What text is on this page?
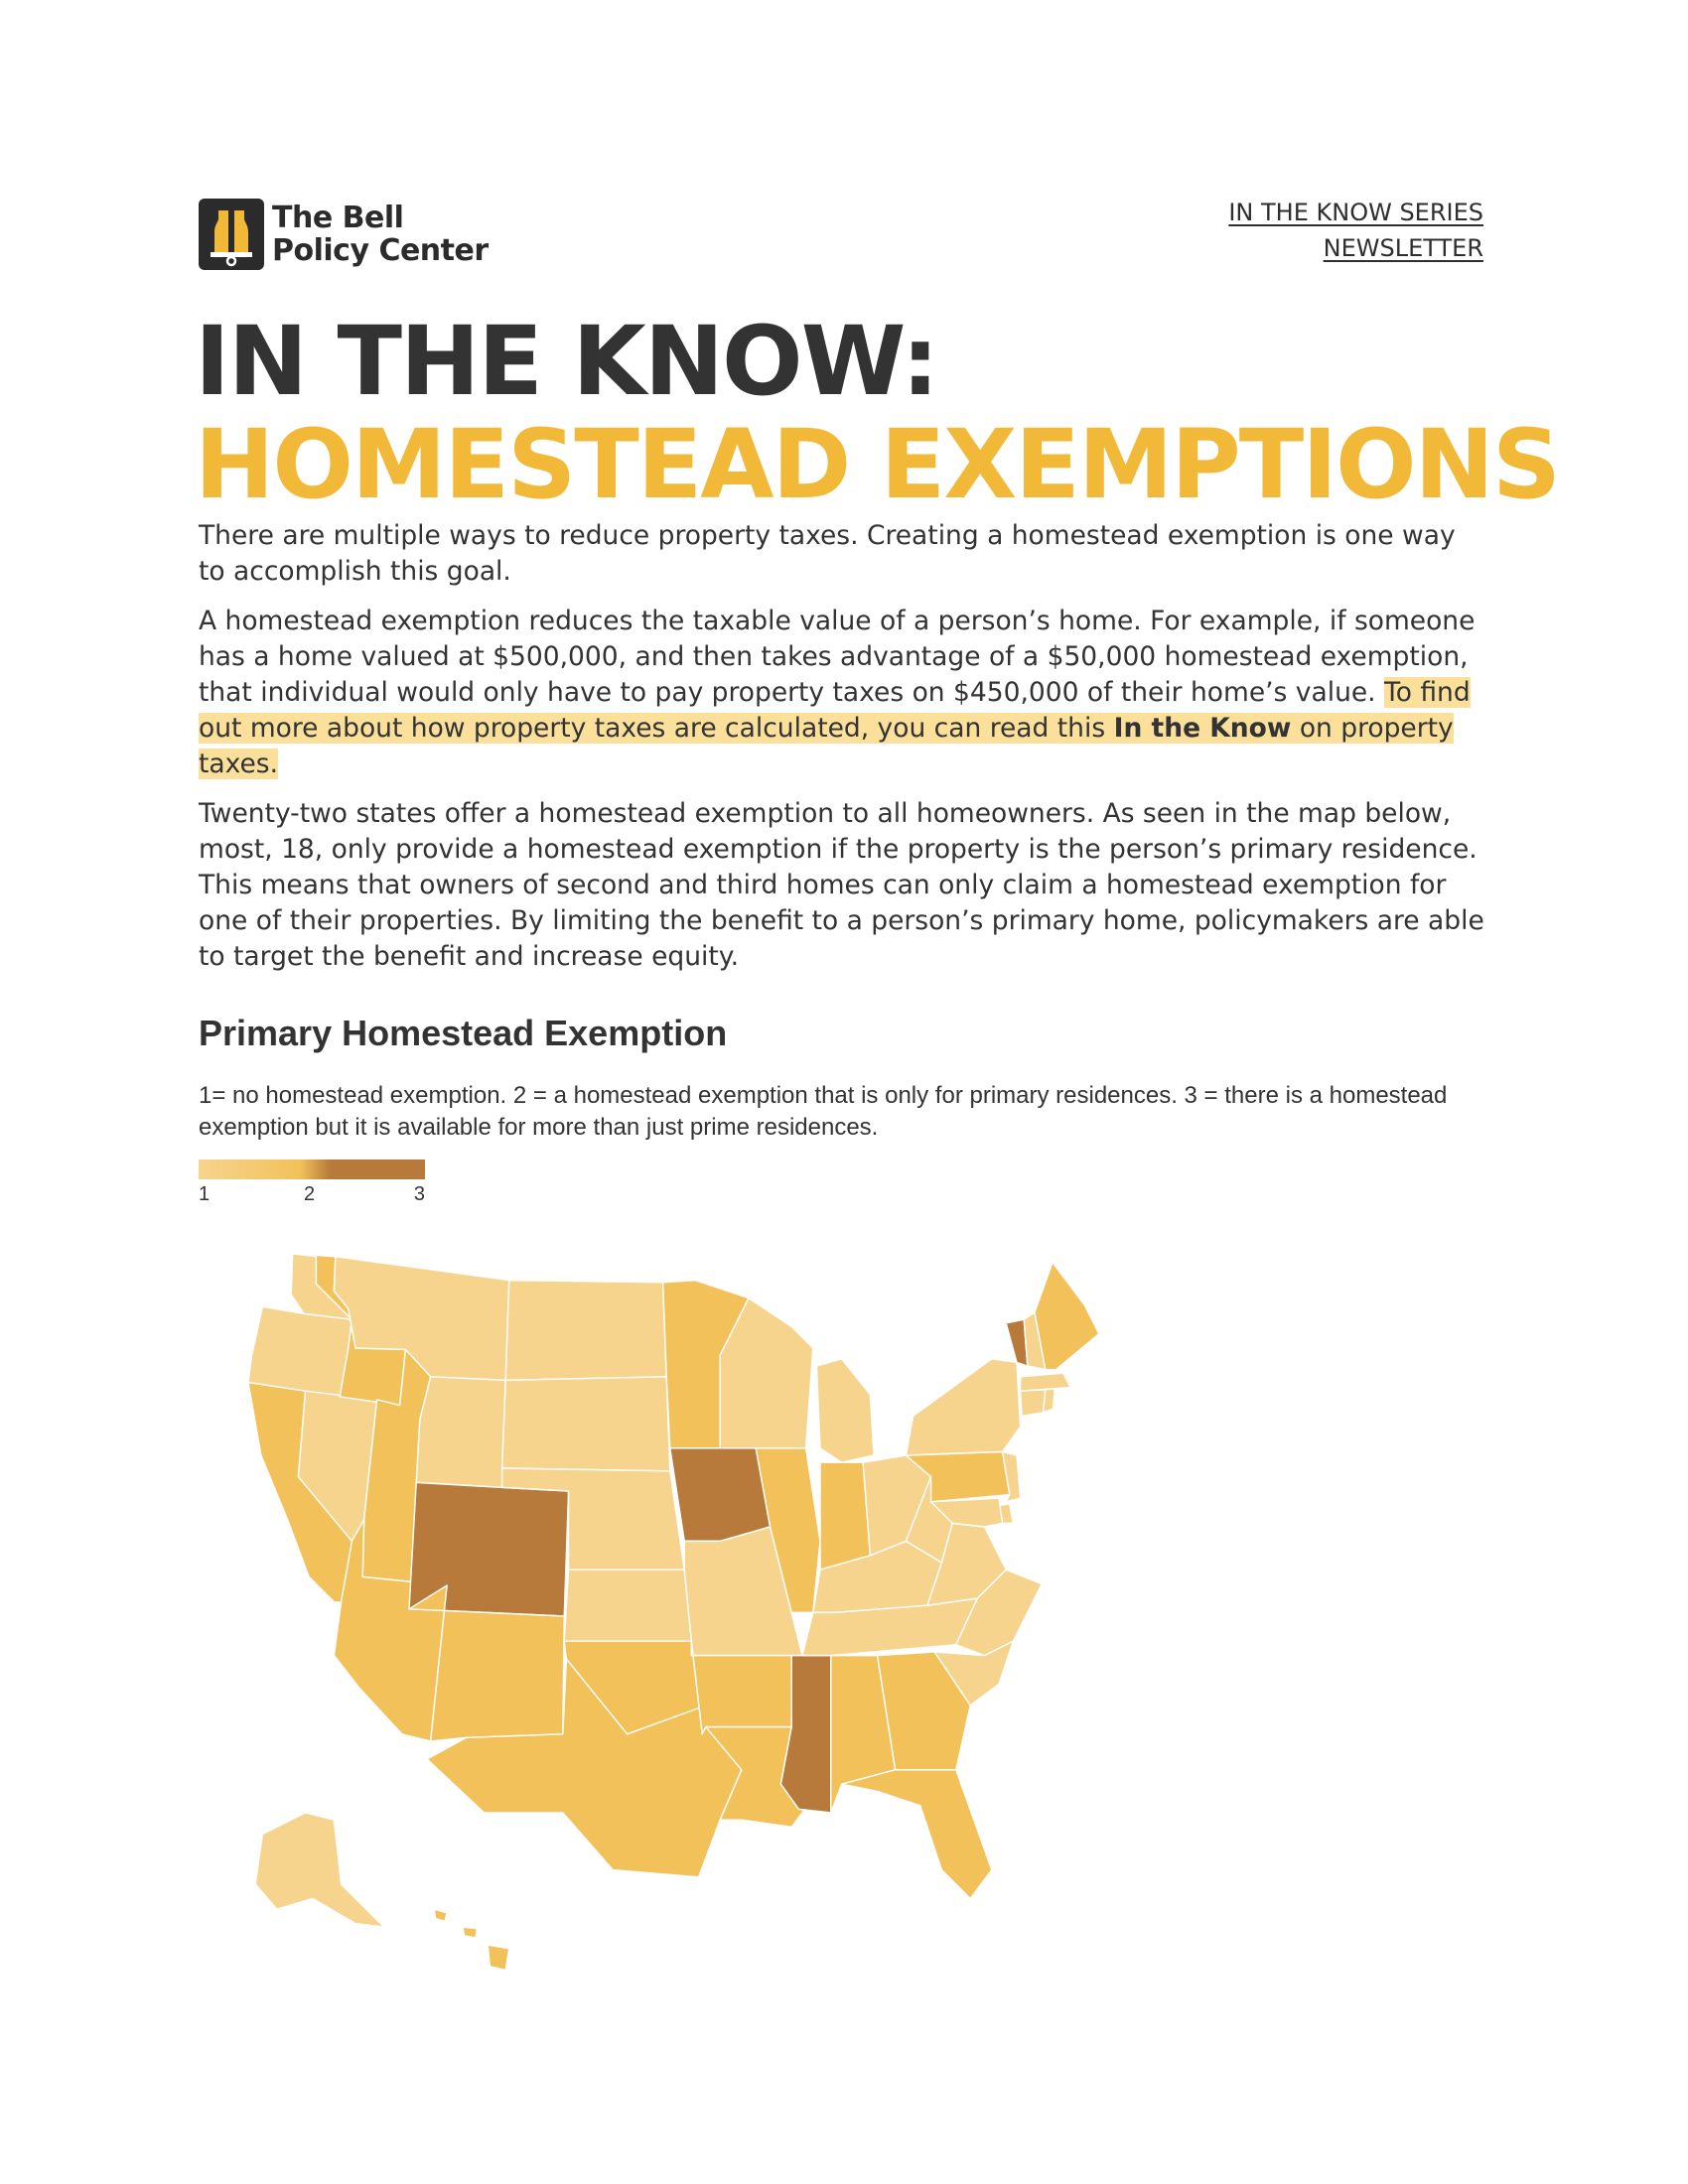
The Bell
Policy Center
IN THE KNOW SERIES
NEWSLETTER
IN THE KNOW:
HOMESTEAD EXEMPTIONS

There are multiple ways to reduce property taxes. Creating a homestead exemption is one way to accomplish this goal.

A homestead exemption reduces the taxable value of a person’s home. For example, if someone has a home valued at $500,000, and then takes advantage of a $50,000 homestead exemption, that individual would only have to pay property taxes on $450,000 of their home’s value. To find out more about how property taxes are calculated, you can read this In the Know on property taxes.

Twenty-two states offer a homestead exemption to all homeowners. As seen in the map below, most, 18, only provide a homestead exemption if the property is the person’s primary residence. This means that owners of second and third homes can only claim a homestead exemption for one of their properties. By limiting the benefit to a person’s primary home, policymakers are able to target the benefit and increase equity.

Primary Homestead Exemption
1= no homestead exemption. 2 = a homestead exemption that is only for primary residences. 3 = there is a homestead exemption but it is available for more than just prime residences.
1	2	3
